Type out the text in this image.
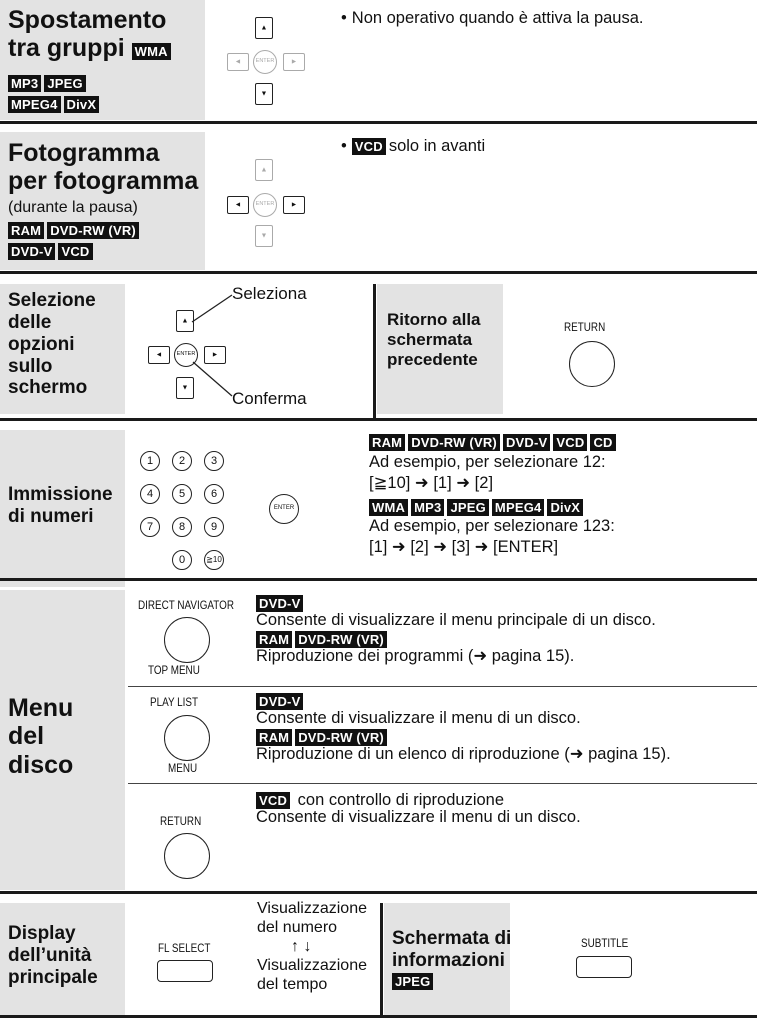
Spostamento
tra gruppi WMA
MP3 JPEG
MPEG4 DivX
▲
◄	ENTER	►
▼
• Non operativo quando è attiva la pausa.
Fotogramma
per fotogramma
(durante la pausa)
RAM DVD-RW (VR)
DVD-V VCD
▲
◄	ENTER	►
▼
• VCD solo in avanti
Selezione
delle
opzioni
sullo
schermo
▲
◄	ENTER	►
▼
Seleziona
Conferma
Ritorno alla
schermata
precedente
RETURN
Immissione
di numeri
1	2	3
4	5	6
7	8	9
0	≧10
ENTER
RAM DVD-RW (VR) DVD-V VCD CD
Ad esempio, per selezionare 12:
[≧10] ➜ [1] ➜ [2]
WMA MP3 JPEG MPEG4 DivX
Ad esempio, per selezionare 123:
[1] ➜ [2] ➜ [3] ➜ [ENTER]
Menu
del
disco
DIRECT NAVIGATOR
TOP MENU
DVD-V
Consente di visualizzare il menu principale di un disco.
RAM DVD-RW (VR)
Riproduzione dei programmi (➜ pagina 15).
PLAY LIST
MENU
DVD-V
Consente di visualizzare il menu di un disco.
RAM DVD-RW (VR)
Riproduzione di un elenco di riproduzione (➜ pagina 15).
RETURN
VCD con controllo di riproduzione
Consente di visualizzare il menu di un disco.
Display
dell’unità
principale
FL SELECT
Visualizzazione
del numero
↑ ↓
Visualizzazione
del tempo
Schermata di
informazioni
JPEG
SUBTITLE
